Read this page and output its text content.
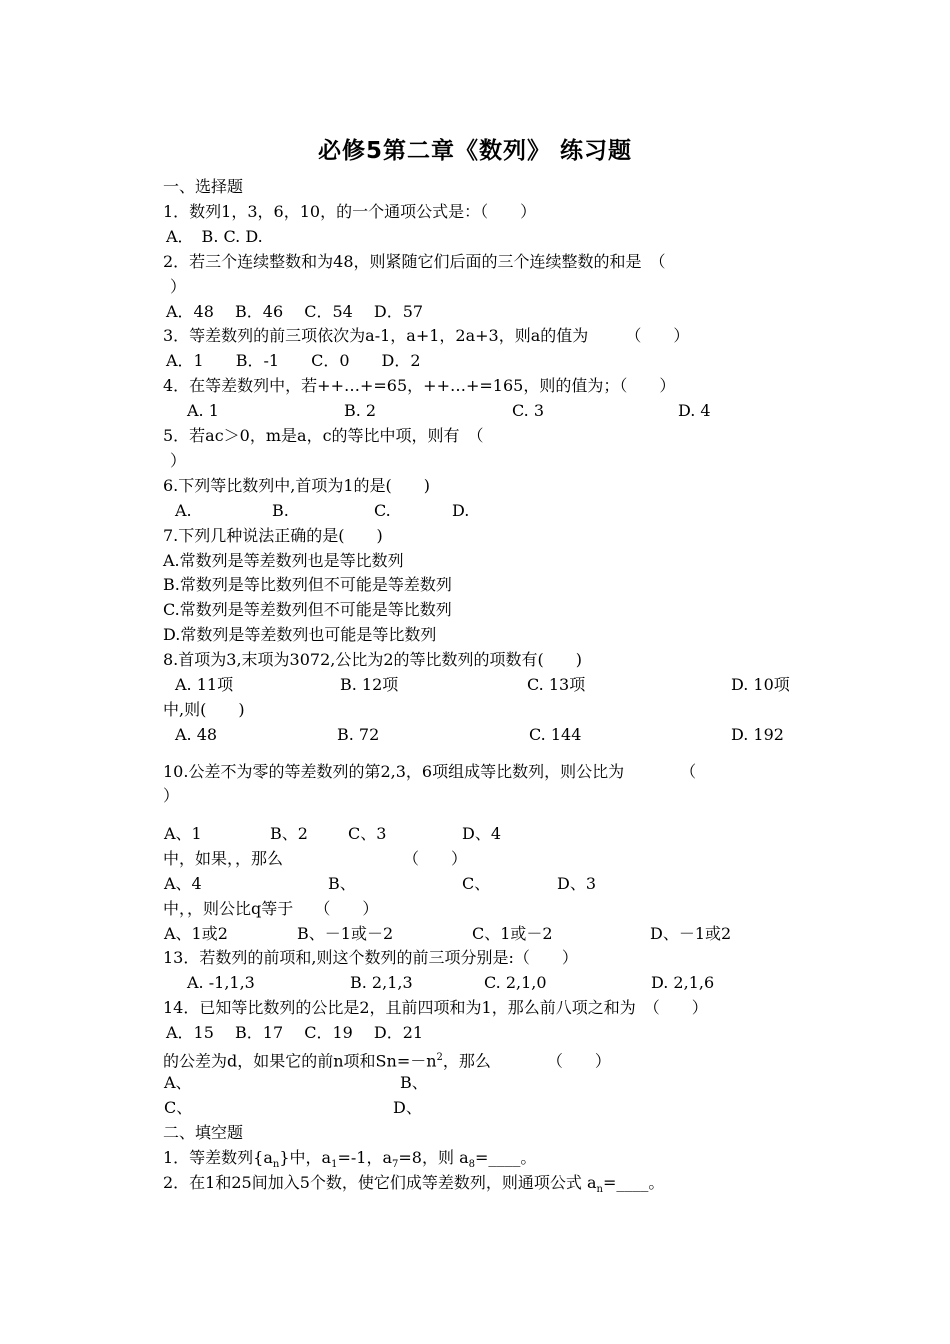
必修5第二章《数列》 练习题
一、选择题
1．数列1，3，6，10，的一个通项公式是：（　　）
A．　B. C. D.
2．若三个连续整数和为48，则紧随它们后面的三个连续整数的和是　（
）
A．48　 B．46　 C．54　 D．57
3．等差数列的前三项依次为a-1，a+1，2a+3，则a的值为　　 （　　）
A．1　　B．-1　　C．0　　D．2
4．在等差数列中，若++…+=65，++…+=165，则的值为；（　　）
A. 1	B. 2	C. 3	D. 4
5．若ac＞0，m是a，c的等比中项，则有　（
）
6.下列等比数列中,首项为1的是(　　)
A.	B.	C.	D.
7.下列几种说法正确的是(　　)
A.常数列是等差数列也是等比数列
B.常数列是等比数列但不可能是等差数列
C.常数列是等差数列但不可能是等比数列
D.常数列是等差数列也可能是等比数列
8.首项为3,末项为3072,公比为2的等比数列的项数有(　　)
A. 11项	B. 12项	C. 13项	D. 10项
中,则(　　)
A. 48	B. 72	C. 144	D. 192
10.公差不为零的等差数列的第2,3，6项组成等比数列，则公比为　　　　（
）
A、1	B、2	C、3	D、4
中，如果，，那么　　　　　　　　（　　）
A、4	B、	C、	D、3
中，，则公比q等于　 （　　）
A、1或2	B、－1或－2	C、1或－2	D、－1或2
13．若数列的前项和,则这个数列的前三项分别是:（　　）
A. -1,1,3	B. 2,1,3	C. 2,1,0	D. 2,1,6
14．已知等比数列的公比是2，且前四项和为1，那么前八项之和为　（　　）
A．15　 B．17　 C．19　 D．21
的公差为d，如果它的前n项和$Sn=-n^2$，那么　　　　（　　）
A、	B、
C、	D、
二、填空题
1．等差数列$\{a_n\}$中，$a_1=-1$，$a_7=8$，则 $a_8=\_\_\_\_$。
2．在1和25间加入5个数，使它们成等差数列，则通项公式 $a_n=\_\_\_\_$。
